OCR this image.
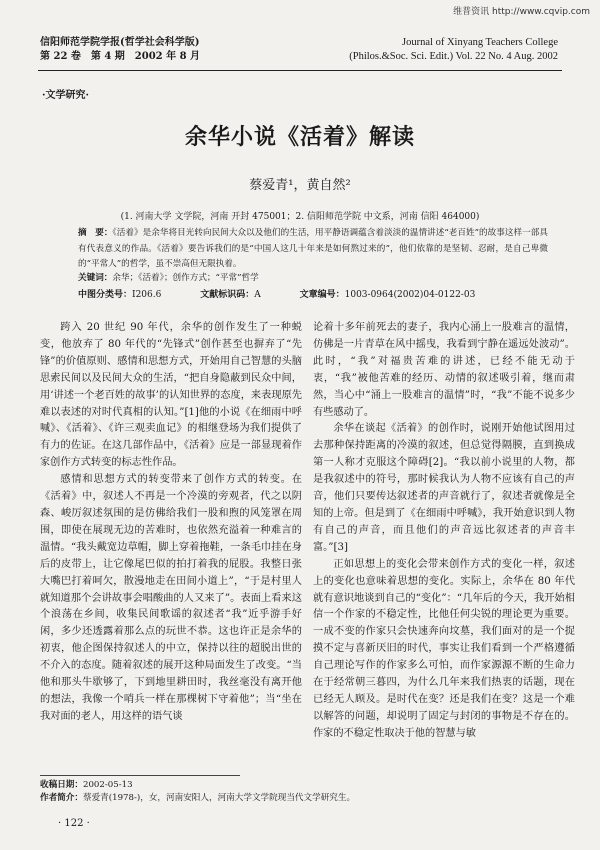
维普资讯 http://www.cqvip.com
信阳师范学院学报(哲学社会科学版)
第 22 卷　第 4 期　2002 年 8 月
Journal of Xinyang Teachers College
(Philos.&Soc. Sci. Edit.) Vol. 22 No. 4 Aug. 2002
·文学研究·
余华小说《活着》解读
蔡爱青¹，黄自然²
(1. 河南大学 文学院，河南 开封 475001；2. 信阳师范学院 中文系，河南 信阳 464000)
摘　要：《活着》是余华将目光转向民间大众以及他们的生活，用平静语调蕴含着淡淡的温情讲述“老百姓”的故事这样一部具有代表意义的作品。《活着》要告诉我们的是“中国人这几十年来是如何熬过来的”，他们依靠的是坚韧、忍耐，是自己卑微的“平常人”的哲学，虽不崇高但无限执着。
关键词：余华；《活着》；创作方式；“平常”哲学
中图分类号：I206.6	文献标识码：A	文章编号：1003-0964(2002)04-0122-03

跨入 20 世纪 90 年代，余华的创作发生了一种蜕变，他放弃了 80 年代的“先锋式”创作甚至也摒弃了“先锋”的价值原则、感情和思想方式，开始用自己智慧的头脑思索民间以及民间大众的生活，“把自身隐蔽到民众中间，用‘讲述一个老百姓的故事’的认知世界的态度，来表现原先难以表述的对时代真相的认知。”[1]他的小说《在细雨中呼喊》、《活着》、《许三观卖血记》的相继登场为我们提供了有力的佐证。在这几部作品中，《活着》应是一部显现着作家创作方式转变的标志性作品。

感情和思想方式的转变带来了创作方式的转变。在《活着》中，叙述人不再是一个冷漠的旁观者，代之以阴森、峻厉叙述氛围的是仿佛给我们一股和煦的风笼罩在周围，即使在展现无边的苦难时，也依然充溢着一种难言的温情。“我头戴宽边草帽，脚上穿着拖鞋，一条毛巾挂在身后的皮带上，让它像尾巴似的拍打着我的屁股。我整日张大嘴巴打着呵欠，散漫地走在田间小道上”，“于是村里人就知道那个会讲故事会唱酸曲的人又来了”。表面上看来这个浪荡在乡间，收集民间歌谣的叙述者“我”近乎游手好闲，多少还透露着那么点的玩世不恭。这也许正是余华的初衷，他企图保持叙述人的中立，保持以往的超脱出世的不介入的态度。随着叙述的展开这种局面发生了改变。“当他和那头牛歇够了，下到地里耕田时，我丝毫没有离开他的想法，我像一个哨兵一样在那棵树下守着他”；当“坐在我对面的老人，用这样的语气谈

论着十多年前死去的妻子，我内心涌上一股难言的温情，仿佛是一片青草在风中摇曳，我看到宁静在遥远处波动”。此时，“我”对福贵苦难的讲述，已经不能无动于衷，“我”被他苦难的经历、动情的叙述吸引着，继而肃然，当心中“涌上一股难言的温情”时，“我”不能不说多少有些感动了。

余华在谈起《活着》的创作时，说刚开始他试图用过去那种保持距离的冷漠的叙述，但总觉得隔膜，直到换成第一人称才克服这个障碍[2]。“我以前小说里的人物，都是我叙述中的符号，那时候我认为人物不应该有自己的声音，他们只要传达叙述者的声音就行了，叙述者就像是全知的上帝。但是到了《在细雨中呼喊》，我开始意识到人物有自己的声音，而且他们的声音远比叙述者的声音丰富。”[3]

正如思想上的变化会带来创作方式的变化一样，叙述上的变化也意味着思想的变化。实际上，余华在 80 年代就有意识地谈到自己的“变化”：“几年后的今天，我开始相信一个作家的不稳定性，比他任何尖锐的理论更为重要。一成不变的作家只会快速奔向坟墓，我们面对的是一个捉摸不定与喜新厌旧的时代，事实让我们看到一个严格遵循自己理论写作的作家多么可怕，而作家源源不断的生命力在于经常朝三暮四，为什么几年来我们热衷的话题，现在已经无人顾及。是时代在变？还是我们在变？这是一个难以解答的问题，却说明了固定与封闭的事物是不存在的。作家的不稳定性取决于他的智慧与敏

收稿日期：2002-05-13
作者简介：蔡爱青(1978-)，女，河南安阳人，河南大学文学院现当代文学研究生。
· 122 ·
